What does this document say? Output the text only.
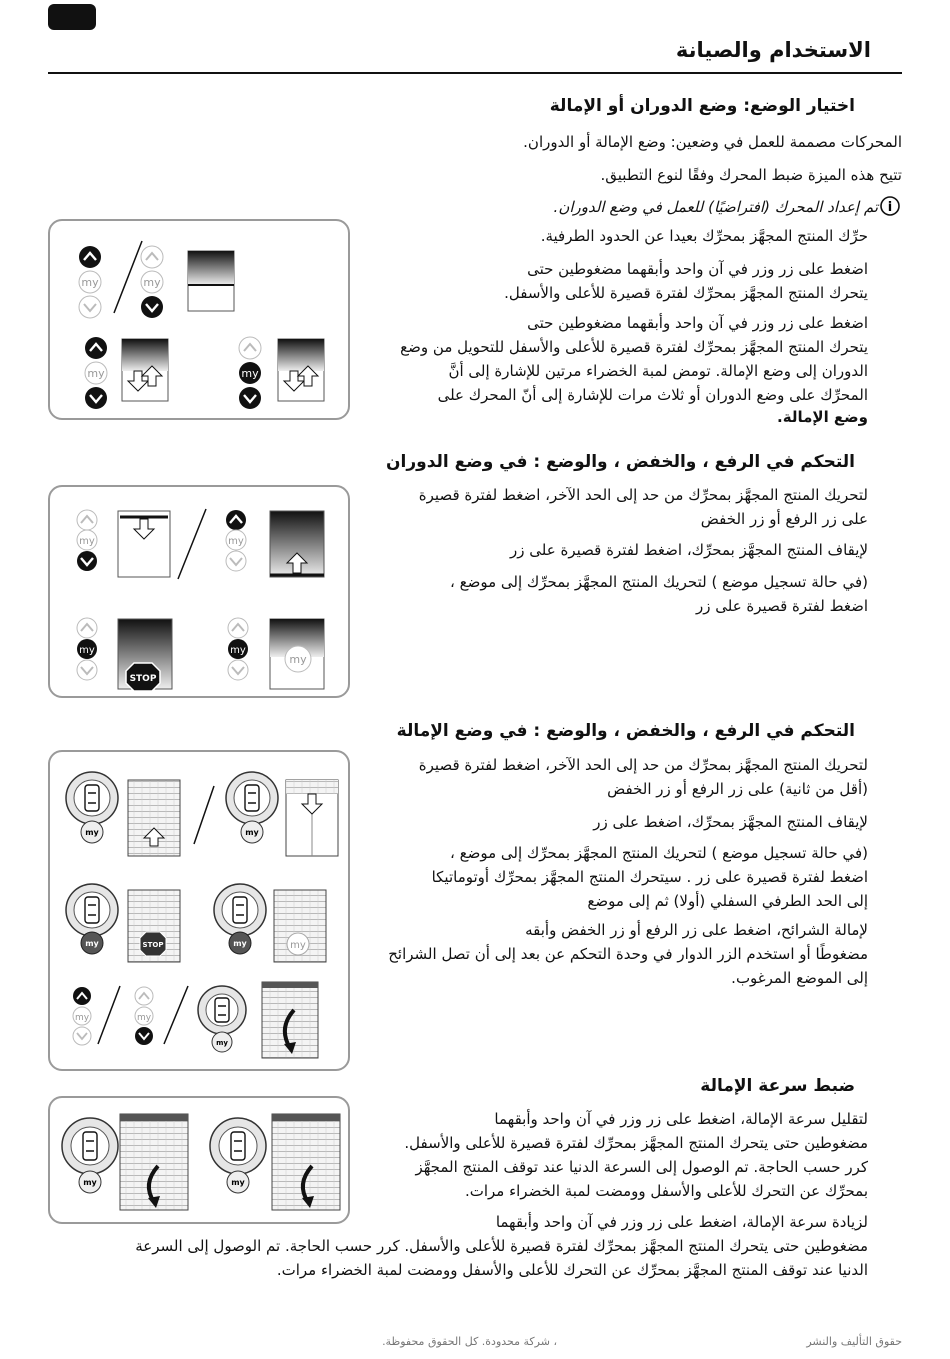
الاستخدام والصيانة
اختيار الوضع: وضع الدوران أو الإمالة
المحركات مصممة للعمل في وضعين: وضع الإمالة أو الدوران.
تتيح هذه الميزة ضبط المحرك وفقًا لنوع التطبيق.
تم إعداد المحرك (افتراضيًا) للعمل في وضع الدوران. i
حرِّك المنتج المجهَّز بمحرِّك بعيدا عن الحدود الطرفية.
اضغط على زر وزر في آن واحد وأبقهما مضغوطين حتى
يتحرك المنتج المجهَّز بمحرِّك لفترة قصيرة للأعلى والأسفل.
اضغط على زر وزر في آن واحد وأبقهما مضغوطين حتى
يتحرك المنتج المجهَّز بمحرِّك لفترة قصيرة للأعلى والأسفل للتحويل من وضع
الدوران إلى وضع الإمالة. تومض لمبة الخضراء مرتين للإشارة إلى أنَّ
المحرِّك على وضع الدوران أو ثلاث مرات للإشارة إلى أنّ المحرك على
وضع الإمالة.
my	my
my	my
التحكم في الرفع ، والخفض ، والوضع : في وضع الدوران
لتحريك المنتج المجهَّز بمحرِّك من حد إلى الحد الآخر، اضغط لفترة قصيرة
على زر الرفع أو زر الخفض
لإيقاف المنتج المجهَّز بمحرِّك، اضغط لفترة قصيرة على زر
(في حالة تسجيل موضع ) لتحريك المنتج المجهَّز بمحرِّك إلى موضع ،
اضغط لفترة قصيرة على زر
my	my
my
STOP
my
my
التحكم في الرفع ، والخفض ، والوضع : في وضع الإمالة
لتحريك المنتج المجهَّز بمحرِّك من حد إلى الحد الآخر، اضغط لفترة قصيرة
(أقل من ثانية) على زر الرفع أو زر الخفض
لإيقاف المنتج المجهَّز بمحرِّك، اضغط على زر
(في حالة تسجيل موضع ) لتحريك المنتج المجهَّز بمحرِّك إلى موضع ،
اضغط لفترة قصيرة على زر . سيتحرك المنتج المجهَّز بمحرِّك أوتوماتيكا
إلى الحد الطرفي السفلي (أولا) ثم إلى موضع
لإمالة الشرائح، اضغط على زر الرفع أو زر الخفض وأبقه
مضغوطًا أو استخدم الزر الدوار في وحدة التحكم عن بعد إلى أن تصل الشرائح
إلى الموضع المرغوب.
my	my
my	STOP	my	my
my	my
my
ضبط سرعة الإمالة
لتقليل سرعة الإمالة، اضغط على زر وزر في آن واحد وأبقهما
مضغوطين حتى يتحرك المنتج المجهَّز بمحرِّك لفترة قصيرة للأعلى والأسفل.
كرر حسب الحاجة. تم الوصول إلى السرعة الدنيا عند توقف المنتج المجهَّز
بمحرِّك عن التحرك للأعلى والأسفل وومضت لمبة الخضراء مرات.
لزيادة سرعة الإمالة، اضغط على زر وزر في آن واحد وأبقهما
مضغوطين حتى يتحرك المنتج المجهَّز بمحرِّك لفترة قصيرة للأعلى والأسفل. كرر حسب الحاجة. تم الوصول إلى السرعة
الدنيا عند توقف المنتج المجهَّز بمحرِّك عن التحرك للأعلى والأسفل وومضت لمبة الخضراء مرات.
my	my
حقوق التأليف والنشر
، شركة محدودة. كل الحقوق محفوظة.
